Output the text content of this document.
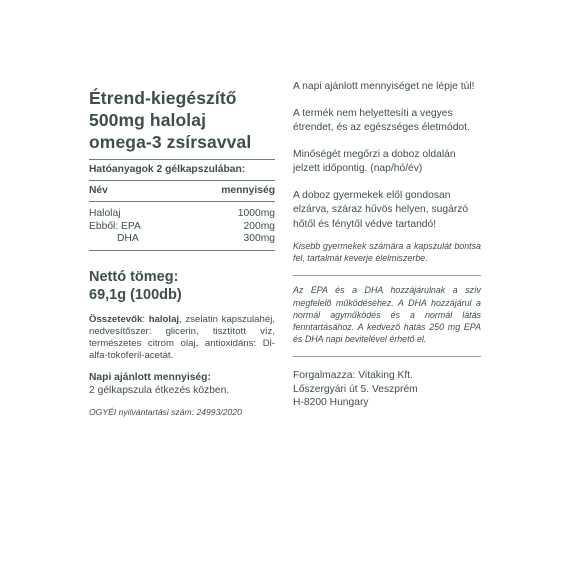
Étrend-kiegészítő
500mg halolaj
omega-3 zsírsavval
Hatóanyagok 2 gélkapszulában:
Név	mennyiség
Halolaj	1000mg
Ebből: EPA	200mg
DHA	300mg
Nettó tömeg:
69,1g (100db)
Összetevők: halolaj, zselatin kapszulahéj, nedvesítőszer: glicerin, tisztított víz, természetes citrom olaj, antioxidáns: Dl-alfa-tokoferil-acetát.
Napi ajánlott mennyiség:
2 gélkapszula étkezés közben.
OGYÉI nyilvántartási szám: 24993/2020

A napi ajánlott mennyiséget ne lépje túl!

A termék nem helyettesíti a vegyes étrendet, és az egészséges életmódot.

Minőségét megőrzi a doboz oldalán jelzett időpontig. (nap/hó/év)

A doboz gyermekek elől gondosan elzárva, száraz hűvös helyen, sugárzó hőtől és fénytől védve tartandó!

Kisebb gyermekek számára a kapszulát bontsa fel, tartalmát keverje élelmiszerbe.

Az EPA és a DHA hozzájárulnak a szív megfelelő működéséhez. A DHA hozzájárul a normál agyműködés és a normál látás fenntartásához. A kedvező hatás 250 mg EPA és DHA napi bevitelével érhető el.

Forgalmazza: Vitaking Kft.
Lőszergyári út 5. Veszprém
H-8200 Hungary
